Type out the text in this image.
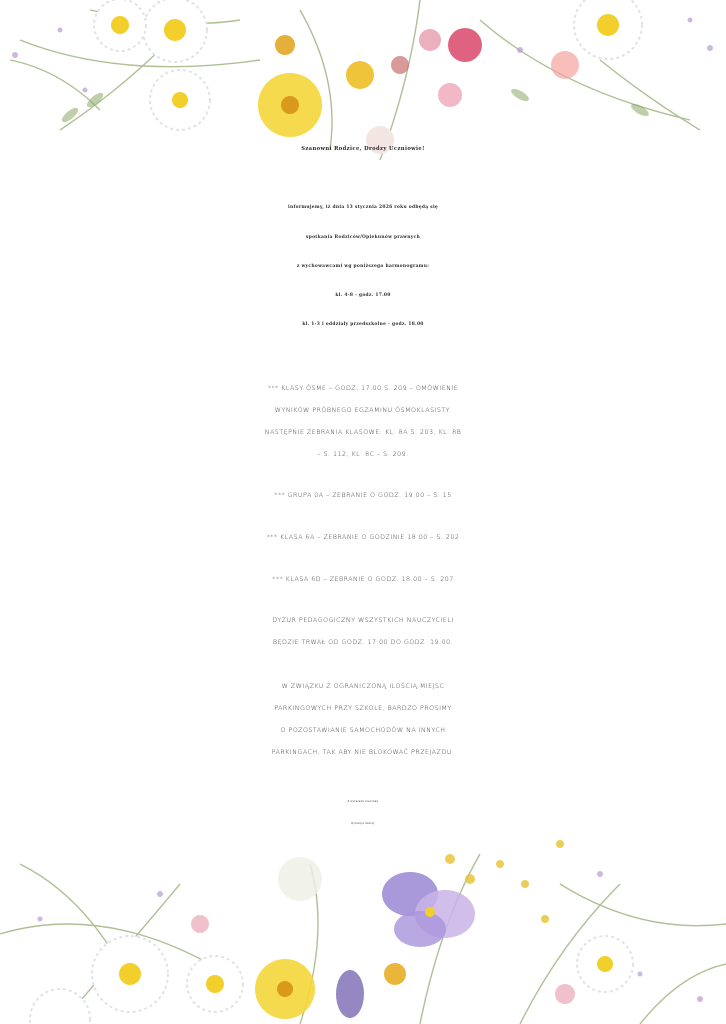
Szanowni Rodzice, Drodzy Uczniowie!
informujemy, iż dnia 13 stycznia 2026 roku odbędą się
spotkania Rodziców/Opiekunów prawnych
z wychowawcami wg poniższego harmonogramu:
kl. 4-8 - godz. 17.00
kl. 1-3 i oddziały przedszkolne - godz. 18.00
*** KLASY ÓSME – GODZ. 17.00 S. 209 – OMÓWIENIE
WYNIKÓW PRÓBNEGO EGZAMINU ÓSMOKLASISTY.
NASTĘPNIE ZEBRANIA KLASOWE: KL. 8A S. 203, KL. 8B
– S. 112, KL. 8C – S. 209.
*** GRUPA 0A – ZEBRANIE O GODZ. 19.00 – S. 15
*** KLASA 6A – ZEBRANIE O GODZINIE 18.00 – S. 202
*** KLASA 6D – ZEBRANIE O GODZ. 18.00 – S. 207
DYŻUR PEDAGOGICZNY WSZYSTKICH NAUCZYCIELI
BĘDZIE TRWAŁ OD GODZ. 17:00 DO GODZ. 19:00.
W ZWIĄZKU Z OGRANICZONĄ ILOŚCIĄ MIEJSC
PARKINGOWYCH PRZY SZKOLE, BARDZO PROSIMY
O POZOSTAWIANIE SAMOCHODÓW NA INNYCH
PARKINGACH, TAK ABY NIE BLOKOWAĆ PRZEJAZDU.
Z wyrazami szacunku
Dyrekcja Szkoły
